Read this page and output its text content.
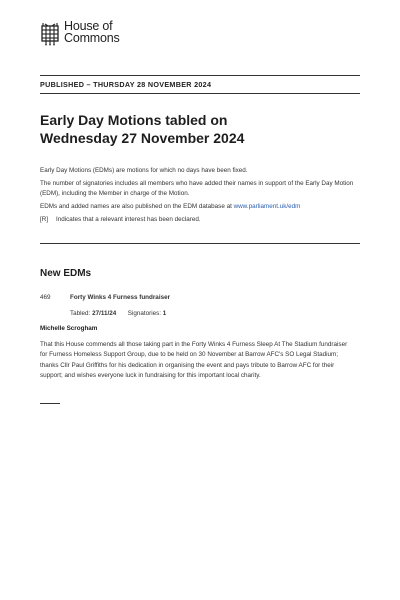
House of
Commons
PUBLISHED – THURSDAY 28 NOVEMBER 2024
Early Day Motions tabled on
Wednesday 27 November 2024

Early Day Motions (EDMs) are motions for which no days have been fixed.

The number of signatories includes all members who have added their names in support of the Early Day Motion (EDM), including the Member in charge of the Motion.

EDMs and added names are also published on the EDM database at www.parliament.uk/edm

[R] Indicates that a relevant interest has been declared.

New EDMs
469	Forty Winks 4 Furness fundraiser
Tabled: 27/11/24 Signatories: 1
Michelle Scrogham

That this House commends all those taking part in the Forty Winks 4 Furness Sleep At The Stadium fundraiser for Furness Homeless Support Group, due to be held on 30 November at Barrow AFC's SO Legal Stadium; thanks Cllr Paul Griffiths for his dedication in organising the event and pays tribute to Barrow AFC for their support; and wishes everyone luck in fundraising for this important local charity.
